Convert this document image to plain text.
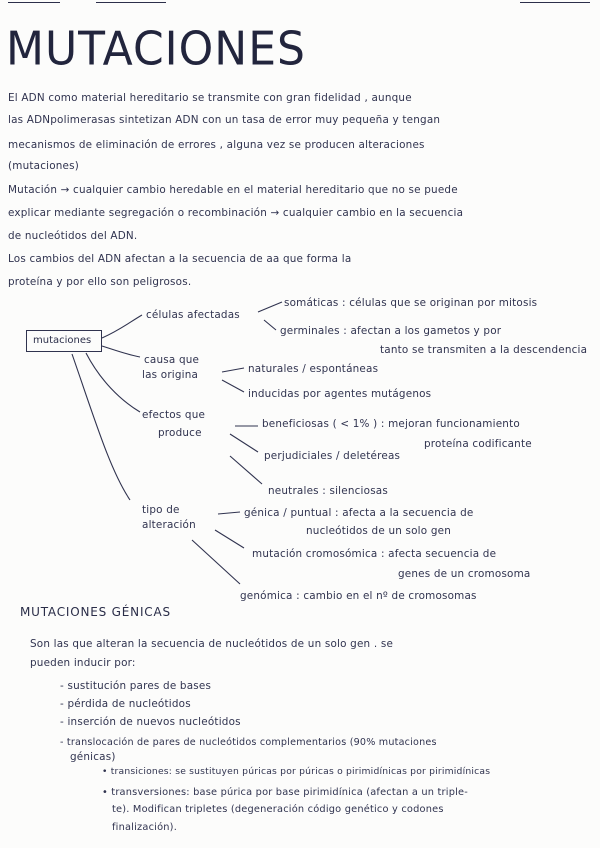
MUTACIONES
El ADN como material hereditario se transmite con gran fidelidad , aunque
las ADNpolimerasas sintetizan ADN con un tasa de error muy pequeña y tengan
mecanismos de eliminación de errores , alguna vez se producen alteraciones
(mutaciones)
Mutación → cualquier cambio heredable en el material hereditario que no se puede
explicar mediante segregación o recombinación → cualquier cambio en la secuencia
de nucleótidos del ADN.
Los cambios del ADN afectan a la secuencia de aa que forma la
proteína y por ello son peligrosos.
mutaciones
células afectadas
somáticas : células que se originan por mitosis
germinales : afectan a los gametos y por
tanto se transmiten a la descendencia
causa que
las origina	naturales / espontáneas
inducidas por agentes mutágenos
efectos que
produce
beneficiosas ( < 1% ) : mejoran funcionamiento
proteína codificante
perjudiciales / deletéreas
neutrales : silenciosas
tipo de
alteración
génica / puntual : afecta a la secuencia de
nucleótidos de un solo gen
mutación cromosómica : afecta secuencia de
genes de un cromosoma
genómica : cambio en el nº de cromosomas
MUTACIONES GÉNICAS
Son las que alteran la secuencia de nucleótidos de un solo gen . se
pueden inducir por:
- sustitución pares de bases
- pérdida de nucleótidos
- inserción de nuevos nucleótidos
- translocación de pares de nucleótidos complementarios (90% mutaciones
génicas)
• transiciones: se sustituyen púricas por púricas o pirimidínicas por pirimidínicas
• transversiones: base púrica por base pirimidínica (afectan a un triple-
te). Modifican tripletes (degeneración código genético y codones
finalización).
